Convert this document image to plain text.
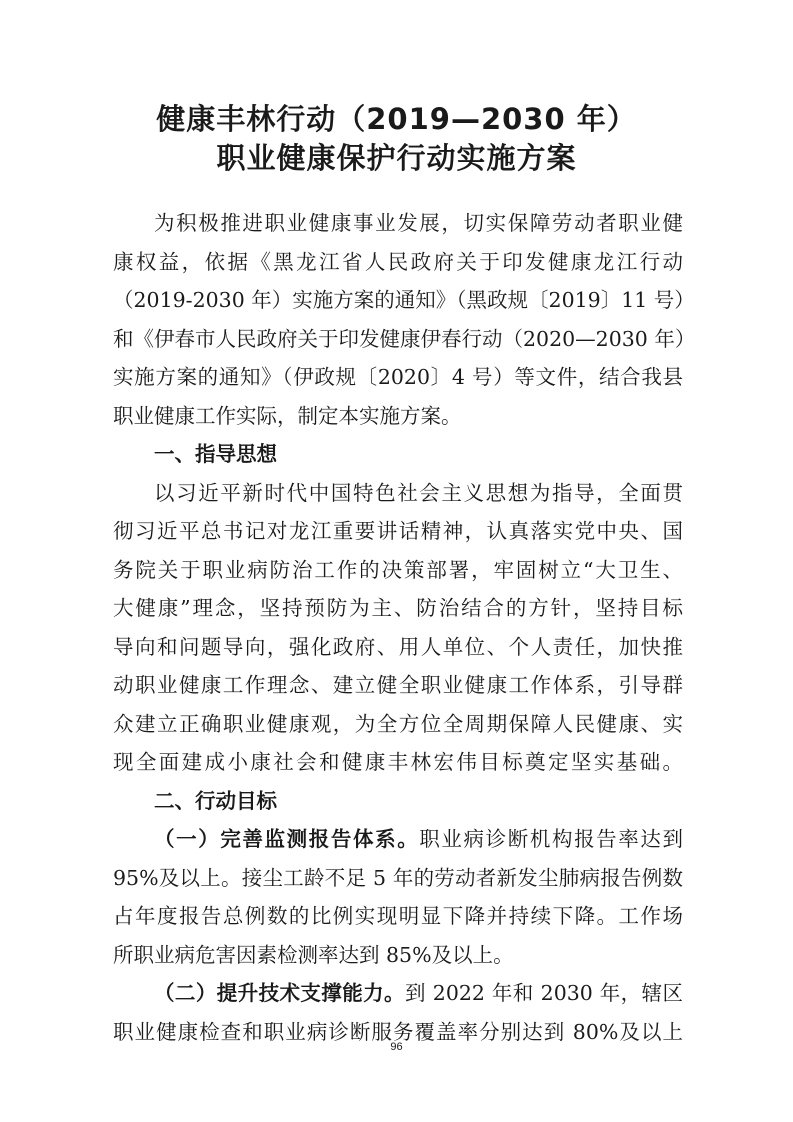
健康丰林行动（2019—2030 年）
职业健康保护行动实施方案
为积极推进职业健康事业发展，切实保障劳动者职业健
康权益，依据《黑龙江省人民政府关于印发健康龙江行动
（2019-2030 年）实施方案的通知》（黑政规〔2019〕11 号）
和《伊春市人民政府关于印发健康伊春行动（2020—2030 年）
实施方案的通知》（伊政规〔2020〕4 号）等文件，结合我县
职业健康工作实际，制定本实施方案。
一、指导思想
以习近平新时代中国特色社会主义思想为指导，全面贯
彻习近平总书记对龙江重要讲话精神，认真落实党中央、国
务院关于职业病防治工作的决策部署，牢固树立“大卫生、
大健康”理念，坚持预防为主、防治结合的方针，坚持目标
导向和问题导向，强化政府、用人单位、个人责任，加快推
动职业健康工作理念、建立健全职业健康工作体系，引导群
众建立正确职业健康观，为全方位全周期保障人民健康、实
现全面建成小康社会和健康丰林宏伟目标奠定坚实基础。
二、行动目标
（一）完善监测报告体系。职业病诊断机构报告率达到
95%及以上。接尘工龄不足 5 年的劳动者新发尘肺病报告例数
占年度报告总例数的比例实现明显下降并持续下降。工作场
所职业病危害因素检测率达到 85%及以上。
（二）提升技术支撑能力。到 2022 年和 2030 年，辖区
职业健康检查和职业病诊断服务覆盖率分别达到 80%及以上
96
